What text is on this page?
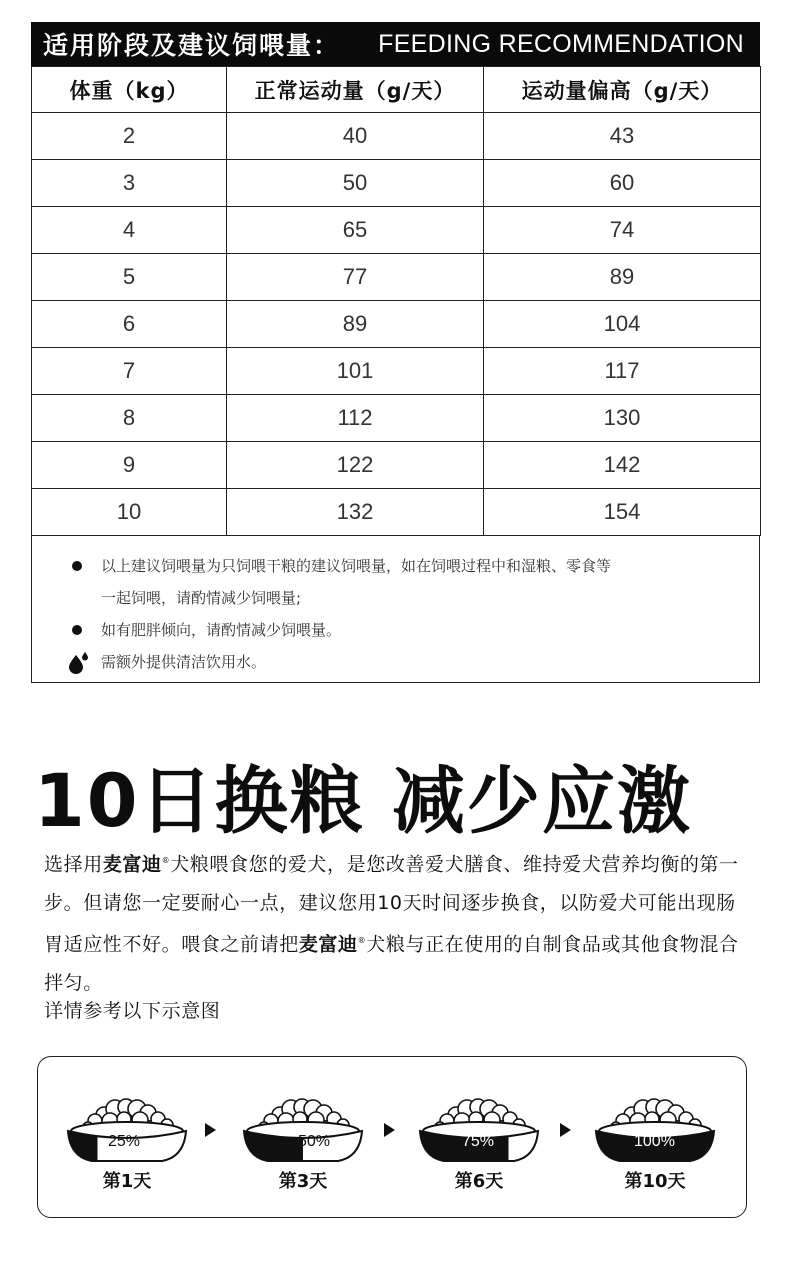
适用阶段及建议饲喂量： FEEDING RECOMMENDATION
体重（kg）	正常运动量（g/天）	运动量偏高（g/天）
2	40	43
3	50	60
4	65	74
5	77	89
6	89	104
7	101	117
8	112	130
9	122	142
10	132	154
以上建议饲喂量为只饲喂干粮的建议饲喂量，如在饲喂过程中和湿粮、零食等
一起饲喂，请酌情减少饲喂量;
如有肥胖倾向，请酌情减少饲喂量。
需额外提供清洁饮用水。
10日换粮 减少应激
选择用麦富迪®犬粮喂食您的爱犬，是您改善爱犬膳食、维持爱犬营养均衡的第一步。但请您一定要耐心一点，建议您用10天时间逐步换食，以防爱犬可能出现肠胃适应性不好。喂食之前请把麦富迪®犬粮与正在使用的自制食品或其他食物混合拌匀。
详情参考以下示意图
25%
第1天
50%
第3天
75%
第6天
100%
第10天
